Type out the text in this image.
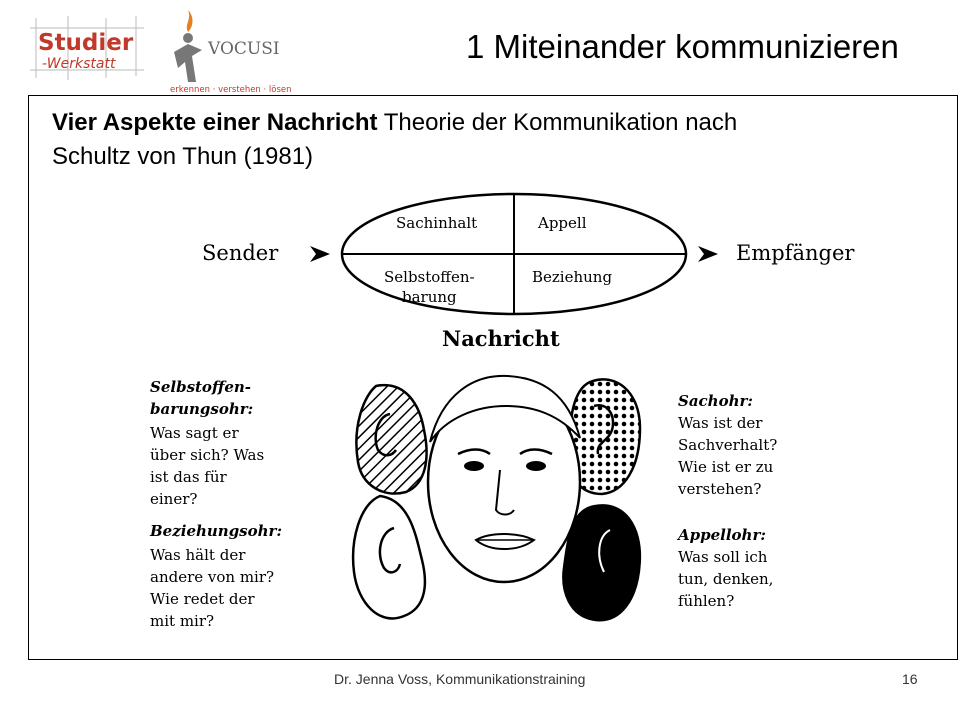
Studier
-Werkstatt
VOCUSI
erkennen · verstehen · lösen
1 Miteinander kommunizieren
Vier Aspekte einer Nachricht Theorie der Kommunikation nach Schultz von Thun (1981)
Sender	Empfänger
Sachinhalt	Appell
Selbstoffen-
barung
Beziehung
Nachricht
Selbstoffen-
barungsohr:
Was sagt er
über sich? Was
ist das für
einer?
Beziehungsohr:
Was hält der
andere von mir?
Wie redet der
mit mir?
Sachohr:
Was ist der
Sachverhalt?
Wie ist er zu
verstehen?
Appellohr:
Was soll ich
tun, denken,
fühlen?
Dr. Jenna Voss, Kommunikationstraining	16
